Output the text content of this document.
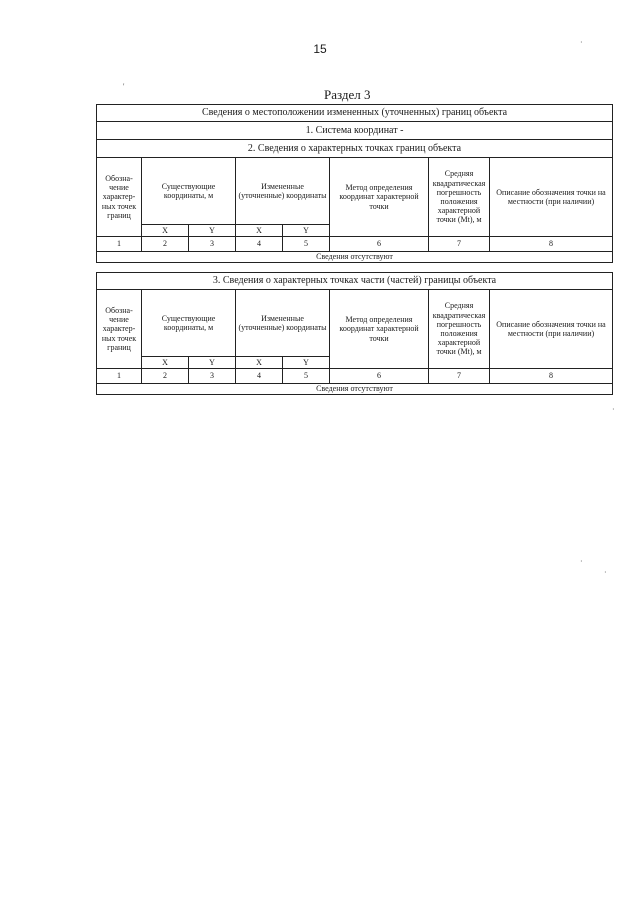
15
Раздел 3
Сведения о местоположении измененных (уточненных) границ объекта							
1. Система координат -							
2. Сведения о характерных точках границ объекта							
Обозна-чение характер-ных точек границ	Существующие координаты, м		Измененные (уточненные) координаты		Метод определения координат характерной точки	Средняя квадратическая погрешность положения характерной точки (Mt), м	Описание обозначения точки на местности (при наличии)
	X	Y	X	Y			
1	2	3	4	5	6	7	8
Сведения отсутствуют							
3. Сведения о характерных точках части (частей) границы объекта							
Обозна-чение характер-ных точек границ	Существующие координаты, м		Измененные (уточненные) координаты		Метод определения координат характерной точки	Средняя квадратическая погрешность положения характерной точки (Mt), м	Описание обозначения точки на местности (при наличии)
	X	Y	X	Y			
1	2	3	4	5	6	7	8
Сведения отсутствуют							
'
·
·
·
·
